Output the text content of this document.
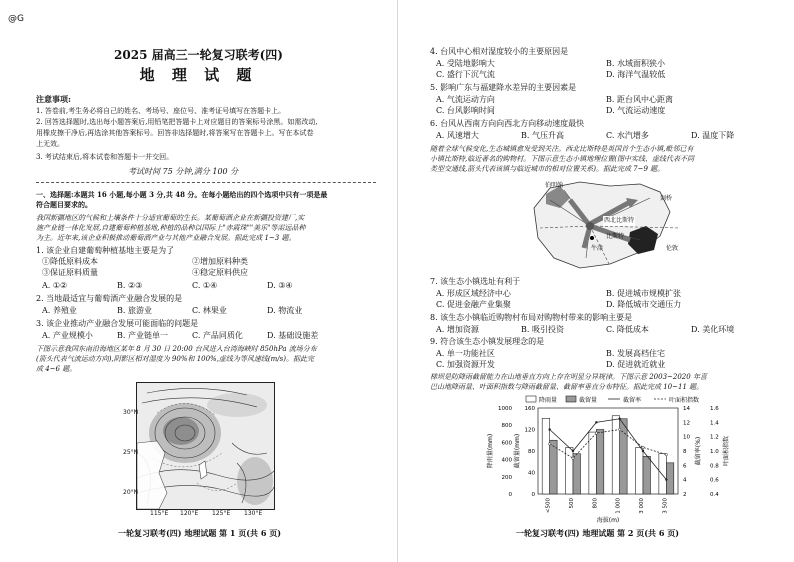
@G
2025 届高三一轮复习联考(四)
地 理 试 题
注意事项:
1. 答卷前,考生务必将自己的姓名、考场号、座位号、准考证号填写在答题卡上。
2. 回答选择题时,选出每小题答案后,用铅笔把答题卡上对应题目的答案标号涂黑。如需改动,
用橡皮擦干净后,再选涂其他答案标号。回答非选择题时,将答案写在答题卡上。写在本试卷
上无效。
3. 考试结束后,将本试卷和答题卡一并交回。
考试时间 75 分钟,满分 100 分
一、选择题:本题共 16 小题,每小题 3 分,共 48 分。在每小题给出的四个选项中只有一项是最
符合题目要求的。
我国新疆地区的气候和土壤条件十分适宜葡萄的生长。某葡萄酒企业在新疆投资建厂,实
施产业链一体化发展,自建葡萄种植基地,种植的品种以国际上"赤霞珠""美乐"等需远品种
为主。近年来,该企业积极推动葡萄酒产业与其他产业融合发展。据此完成 1~3 题。
1. 该企业自建葡萄种植基地主要是为了
①降低原料成本	②增加原料种类
③保证原料质量	④稳定原料供应
A. ①②	B. ②③	C. ①④	D. ③④
2. 当地最适宜与葡萄酒产业融合发展的是
A. 养殖业	B. 旅游业	C. 林果业	D. 物流业
3. 该企业推动产业融合发展可能面临的问题是
A. 产业规模小	B. 产业链单一	C. 产品同质化	D. 基础设施差
下图示意我国东南沿海地区某年 8 月 30 日 20:00 台风进入台湾海峡时 850hPa 流场分布
(箭头代表气流运动方向),阴影区相对湿度为 90%和 100%,虚线为等风速线(m/s)。据此完
成 4~6 题。
30°N
25°N
20°N
115°E 120°E 125°E 130°E
一轮复习联考(四) 地理试题 第 1 页(共 6 页)
4. 台风中心相对湿度较小的主要原因是
A. 受陆地影响大	B. 水域面积狭小
C. 盛行下沉气流	D. 海洋气温较低
5. 影响广东与福建降水差异的主要因素是
A. 气流运动方向	B. 距台风中心距离
C. 台风影响时间	D. 气流运动速度
6. 台风从西南方向向西北方向移动速度最快
A. 风速增大	B. 气压升高	C. 水汽增多	D. 温度下降
随着全球气候变化,生态城镇愈发受到关注。西北比斯特是英国首个生态小镇,毗邻已有
小镇比斯特,临近著名的购物村。下图示意生态小镇地理位置(图中实线、虚线代表不同
类型交通线,箭头代表该镇与临近城市的相对位置关系)。据此完成 7~9 题。
伯明翰
剑桥
西北比斯特
比斯特
牛津	伦敦
7. 该生态小镇选址有利于
A. 形成区域经济中心	B. 促进城市规模扩张
C. 促进金融产业集聚	D. 降低城市交通压力
8. 该生态小镇临近购物村布局对购物村带来的影响主要是
A. 增加资源	B. 吸引投资	C. 降低成本	D. 美化环境
9. 符合该生态小镇发展理念的是
A. 单一功能社区	B. 发展高档住宅
C. 加强资源开发	D. 促进就近就业
梯坝是防降雨截留能力在山地垂直方向上存在明显分异规律。下图示意 2003~2020 年喜
巴山地降雨量、叶面积指数与降雨截留量、截留率垂直分布特征。据此完成 10~11 题。
降雨量	截留量	截留率	叶面积指数
1000
800
600
400
200
0
160
120
80
40
0
14
12
10
8
6
4
2
1.6
1.4
1.2
1.0
0.8
0.6
0.4
降雨量(mm)	截留量(mm)	截留率(%)	叶面积指数
海拔(m)
<500	500	800	1 000	3 000	3 500
一轮复习联考(四) 地理试题 第 2 页(共 6 页)
